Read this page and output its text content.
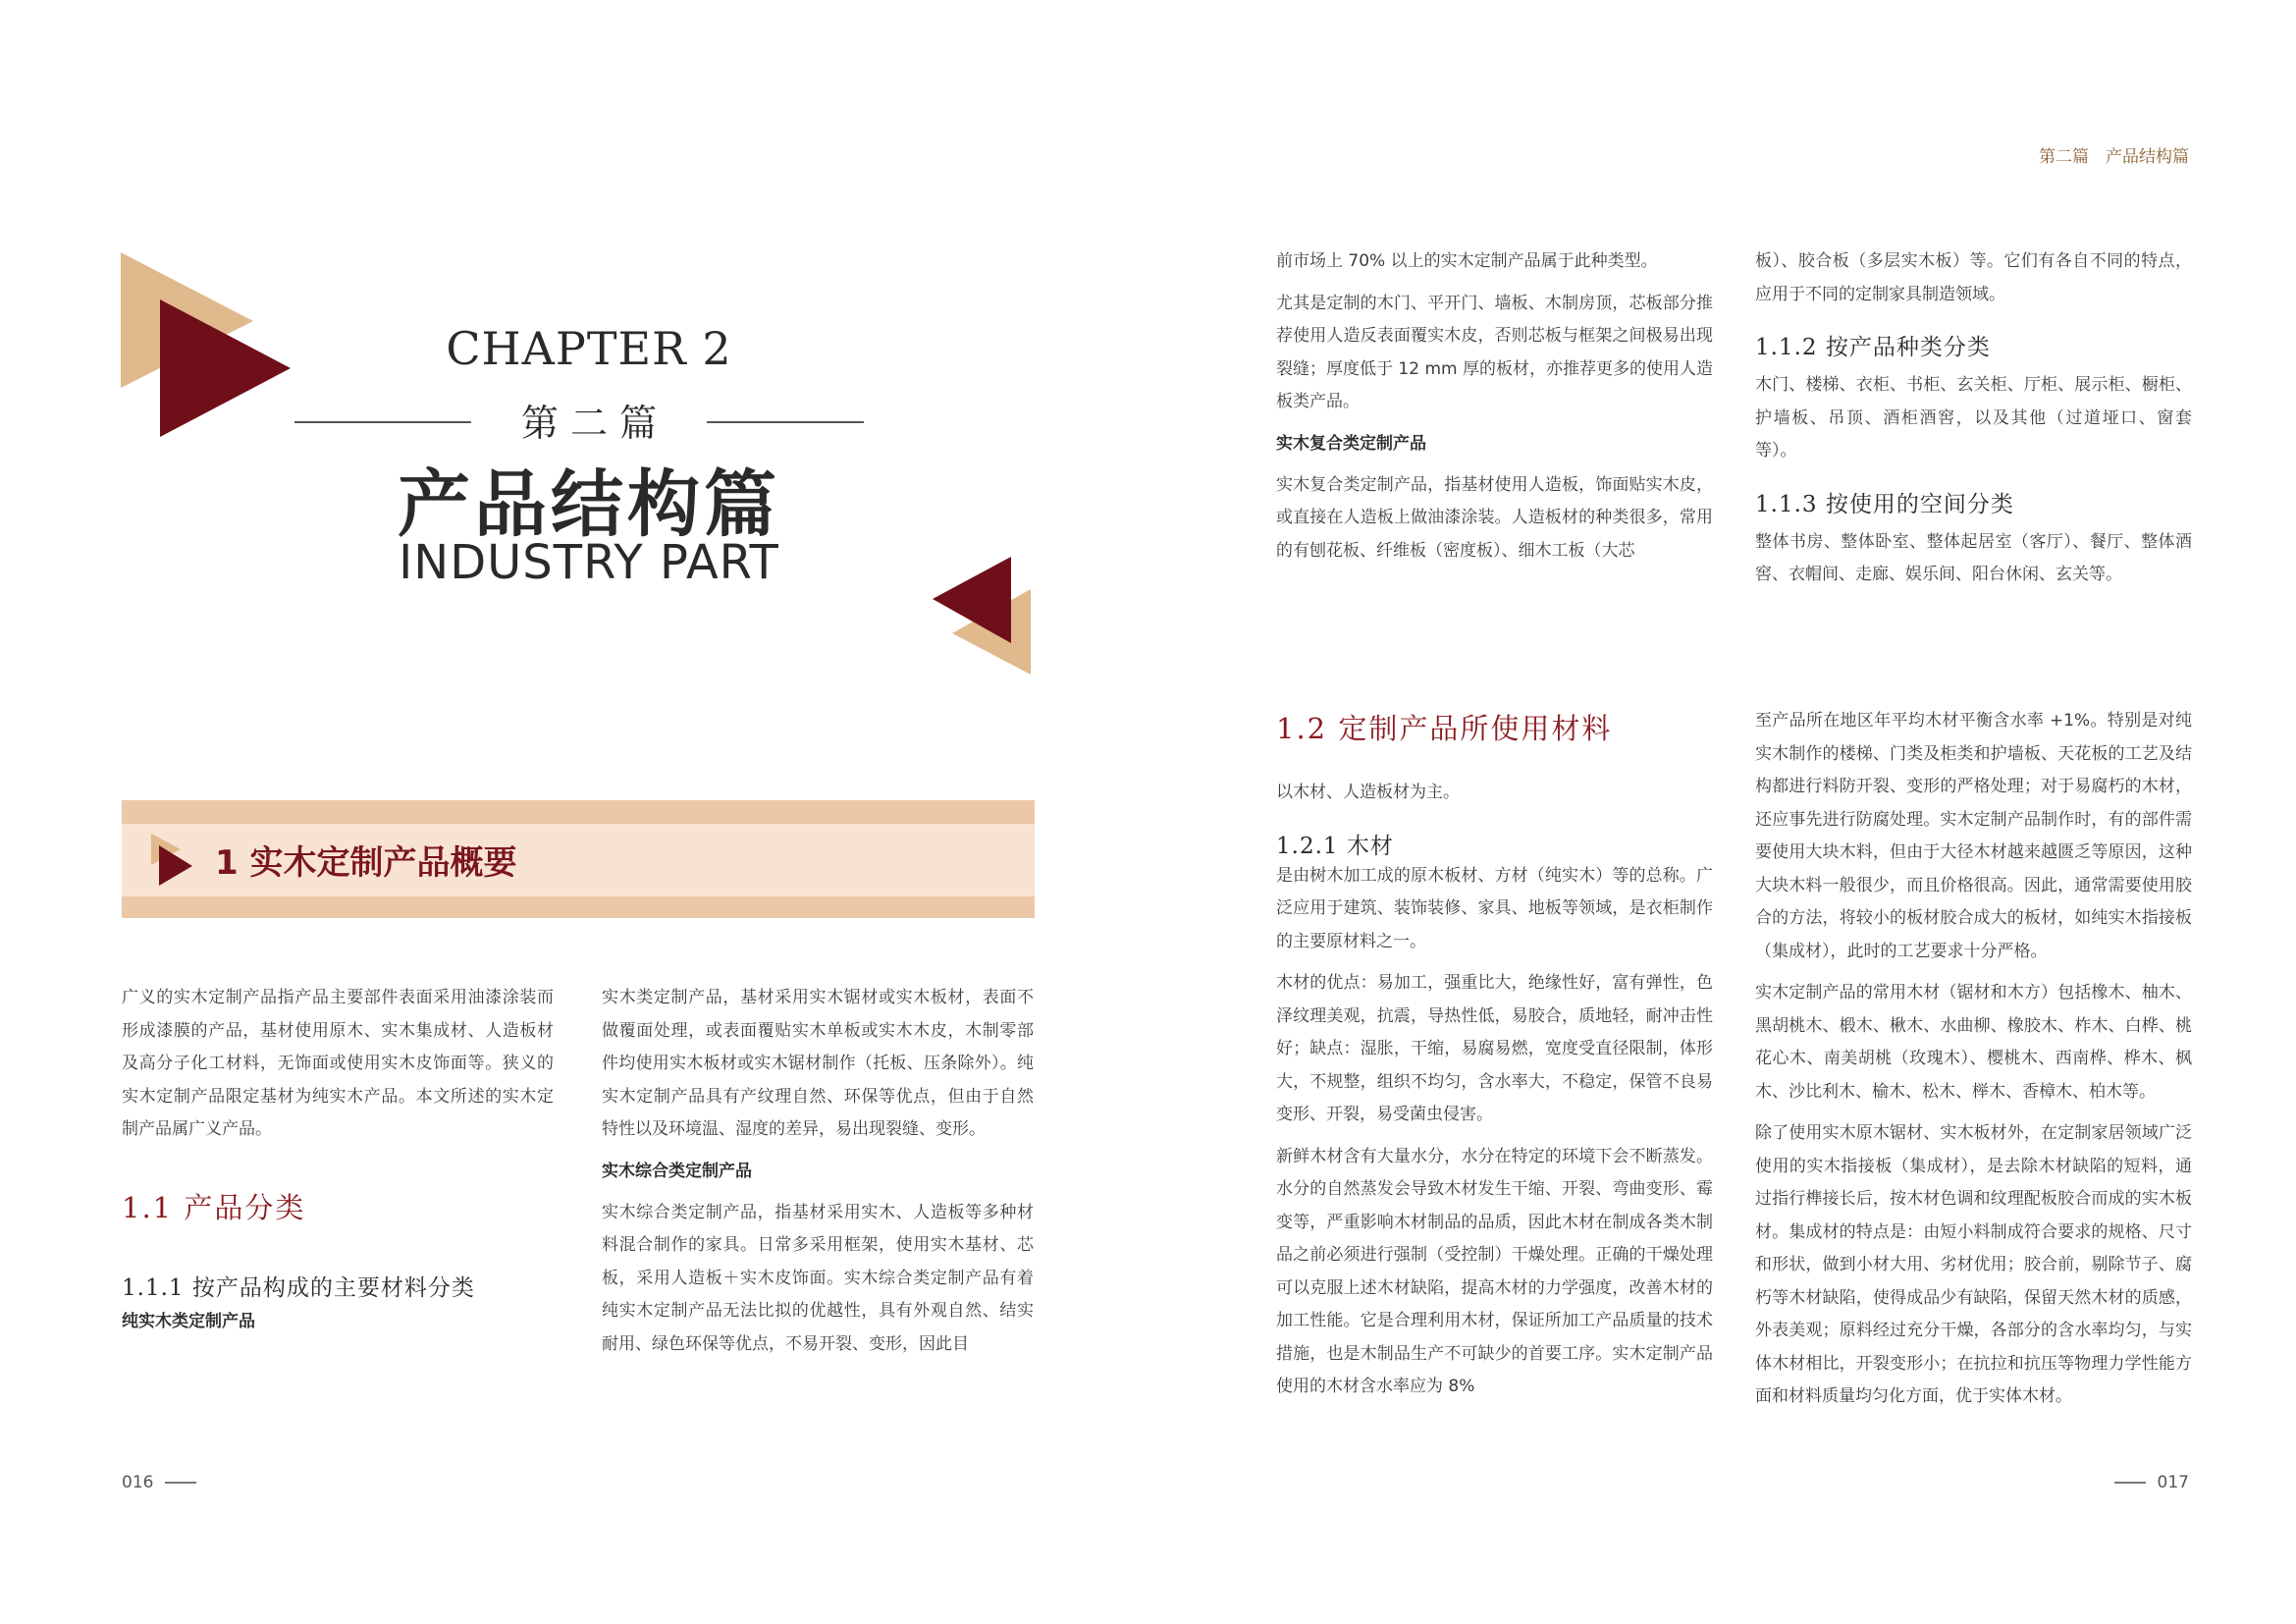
CHAPTER 2
第 二 篇
产品结构篇
INDUSTRY PART
1 实木定制产品概要

广义的实木定制产品指产品主要部件表面采用油漆涂装而形成漆膜的产品，基材使用原木、实木集成材、人造板材及高分子化工材料，无饰面或使用实木皮饰面等。狭义的实木定制产品限定基材为纯实木产品。本文所述的实木定制产品属广义产品。

1.1 产品分类
1.1.1 按产品构成的主要材料分类
纯实木类定制产品

实木类定制产品，基材采用实木锯材或实木板材，表面不做覆面处理，或表面覆贴实木单板或实木木皮，木制零部件均使用实木板材或实木锯材制作（托板、压条除外）。纯实木定制产品具有产纹理自然、环保等优点，但由于自然特性以及环境温、湿度的差异，易出现裂缝、变形。

实木综合类定制产品

实木综合类定制产品，指基材采用实木、人造板等多种材料混合制作的家具。日常多采用框架，使用实木基材、芯板，采用人造板＋实木皮饰面。实木综合类定制产品有着纯实木定制产品无法比拟的优越性，具有外观自然、结实耐用、绿色环保等优点，不易开裂、变形，因此目

016
第二篇　产品结构篇

前市场上 70% 以上的实木定制产品属于此种类型。

尤其是定制的木门、平开门、墙板、木制房顶，芯板部分推荐使用人造反表面覆实木皮，否则芯板与框架之间极易出现裂缝；厚度低于 12 mm 厚的板材，亦推荐更多的使用人造板类产品。

实木复合类定制产品

实木复合类定制产品，指基材使用人造板，饰面贴实木皮，或直接在人造板上做油漆涂装。人造板材的种类很多，常用的有刨花板、纤维板（密度板）、细木工板（大芯

板）、胶合板（多层实木板）等。它们有各自不同的特点，应用于不同的定制家具制造领域。

1.1.2 按产品种类分类

木门、楼梯、衣柜、书柜、玄关柜、厅柜、展示柜、橱柜、护墙板、吊顶、酒柜酒窖，以及其他（过道垭口、窗套等）。

1.1.3 按使用的空间分类

整体书房、整体卧室、整体起居室（客厅）、餐厅、整体酒窖、衣帽间、走廊、娱乐间、阳台休闲、玄关等。

1.2 定制产品所使用材料

以木材、人造板材为主。

1.2.1 木材

是由树木加工成的原木板材、方材（纯实木）等的总称。广泛应用于建筑、装饰装修、家具、地板等领域，是衣柜制作的主要原材料之一。

木材的优点：易加工，强重比大，绝缘性好，富有弹性，色泽纹理美观，抗震，导热性低，易胶合，质地轻，耐冲击性好；缺点：湿胀，干缩，易腐易燃，宽度受直径限制，体形大，不规整，组织不均匀，含水率大，不稳定，保管不良易变形、开裂，易受菌虫侵害。

新鲜木材含有大量水分，水分在特定的环境下会不断蒸发。水分的自然蒸发会导致木材发生干缩、开裂、弯曲变形、霉变等，严重影响木材制品的品质，因此木材在制成各类木制品之前必须进行强制（受控制）干燥处理。正确的干燥处理可以克服上述木材缺陷，提高木材的力学强度，改善木材的加工性能。它是合理利用木材，保证所加工产品质量的技术措施，也是木制品生产不可缺少的首要工序。实木定制产品使用的木材含水率应为 8%

至产品所在地区年平均木材平衡含水率 +1%。特别是对纯实木制作的楼梯、门类及柜类和护墙板、天花板的工艺及结构都进行料防开裂、变形的严格处理；对于易腐朽的木材，还应事先进行防腐处理。实木定制产品制作时，有的部件需要使用大块木料，但由于大径木材越来越匮乏等原因，这种大块木料一般很少，而且价格很高。因此，通常需要使用胶合的方法，将较小的板材胶合成大的板材，如纯实木指接板（集成材），此时的工艺要求十分严格。

实木定制产品的常用木材（锯材和木方）包括橡木、柚木、黑胡桃木、椴木、楸木、水曲柳、橡胶木、柞木、白桦、桃花心木、南美胡桃（玫瑰木）、樱桃木、西南桦、桦木、枫木、沙比利木、榆木、松木、榉木、香樟木、柏木等。

除了使用实木原木锯材、实木板材外，在定制家居领域广泛使用的实木指接板（集成材），是去除木材缺陷的短料，通过指行榫接长后，按木材色调和纹理配板胶合而成的实木板材。集成材的特点是：由短小料制成符合要求的规格、尺寸和形状，做到小材大用、劣材优用；胶合前，剔除节子、腐朽等木材缺陷，使得成品少有缺陷，保留天然木材的质感，外表美观；原料经过充分干燥，各部分的含水率均匀，与实体木材相比，开裂变形小；在抗拉和抗压等物理力学性能方面和材料质量均匀化方面，优于实体木材。

017
